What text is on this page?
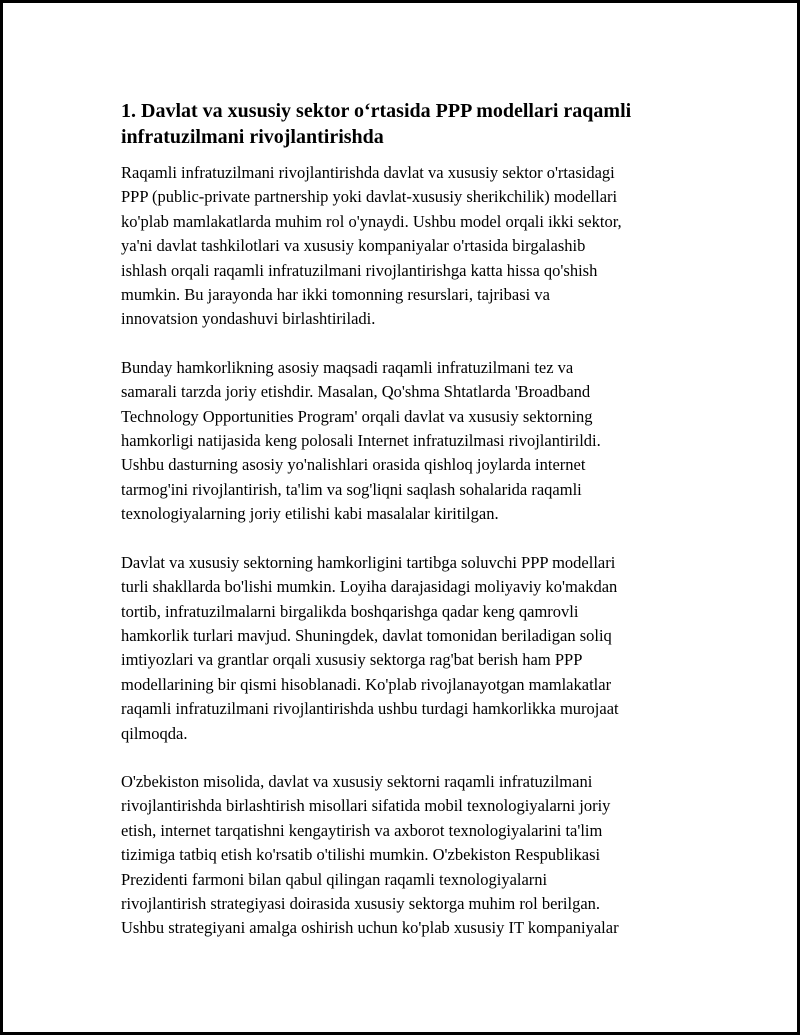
1. Davlat va xususiy sektor o‘rtasida PPP modellari raqamli
infratuzilmani rivojlantirishda

Raqamli infratuzilmani rivojlantirishda davlat va xususiy sektor o'rtasidagi
PPP (public-private partnership yoki davlat-xususiy sherikchilik) modellari
ko'plab mamlakatlarda muhim rol o'ynaydi. Ushbu model orqali ikki sektor,
ya'ni davlat tashkilotlari va xususiy kompaniyalar o'rtasida birgalashib
ishlash orqali raqamli infratuzilmani rivojlantirishga katta hissa qo'shish
mumkin. Bu jarayonda har ikki tomonning resurslari, tajribasi va
innovatsion yondashuvi birlashtiriladi.

Bunday hamkorlikning asosiy maqsadi raqamli infratuzilmani tez va
samarali tarzda joriy etishdir. Masalan, Qo'shma Shtatlarda 'Broadband
Technology Opportunities Program' orqali davlat va xususiy sektorning
hamkorligi natijasida keng polosali Internet infratuzilmasi rivojlantirildi.
Ushbu dasturning asosiy yo'nalishlari orasida qishloq joylarda internet
tarmog'ini rivojlantirish, ta'lim va sog'liqni saqlash sohalarida raqamli
texnologiyalarning joriy etilishi kabi masalalar kiritilgan.

Davlat va xususiy sektorning hamkorligini tartibga soluvchi PPP modellari
turli shakllarda bo'lishi mumkin. Loyiha darajasidagi moliyaviy ko'makdan
tortib, infratuzilmalarni birgalikda boshqarishga qadar keng qamrovli
hamkorlik turlari mavjud. Shuningdek, davlat tomonidan beriladigan soliq
imtiyozlari va grantlar orqali xususiy sektorga rag'bat berish ham PPP
modellarining bir qismi hisoblanadi. Ko'plab rivojlanayotgan mamlakatlar
raqamli infratuzilmani rivojlantirishda ushbu turdagi hamkorlikka murojaat
qilmoqda.

O'zbekiston misolida, davlat va xususiy sektorni raqamli infratuzilmani
rivojlantirishda birlashtirish misollari sifatida mobil texnologiyalarni joriy
etish, internet tarqatishni kengaytirish va axborot texnologiyalarini ta'lim
tizimiga tatbiq etish ko'rsatib o'tilishi mumkin. O'zbekiston Respublikasi
Prezidenti farmoni bilan qabul qilingan raqamli texnologiyalarni
rivojlantirish strategiyasi doirasida xususiy sektorga muhim rol berilgan.
Ushbu strategiyani amalga oshirish uchun ko'plab xususiy IT kompaniyalar
